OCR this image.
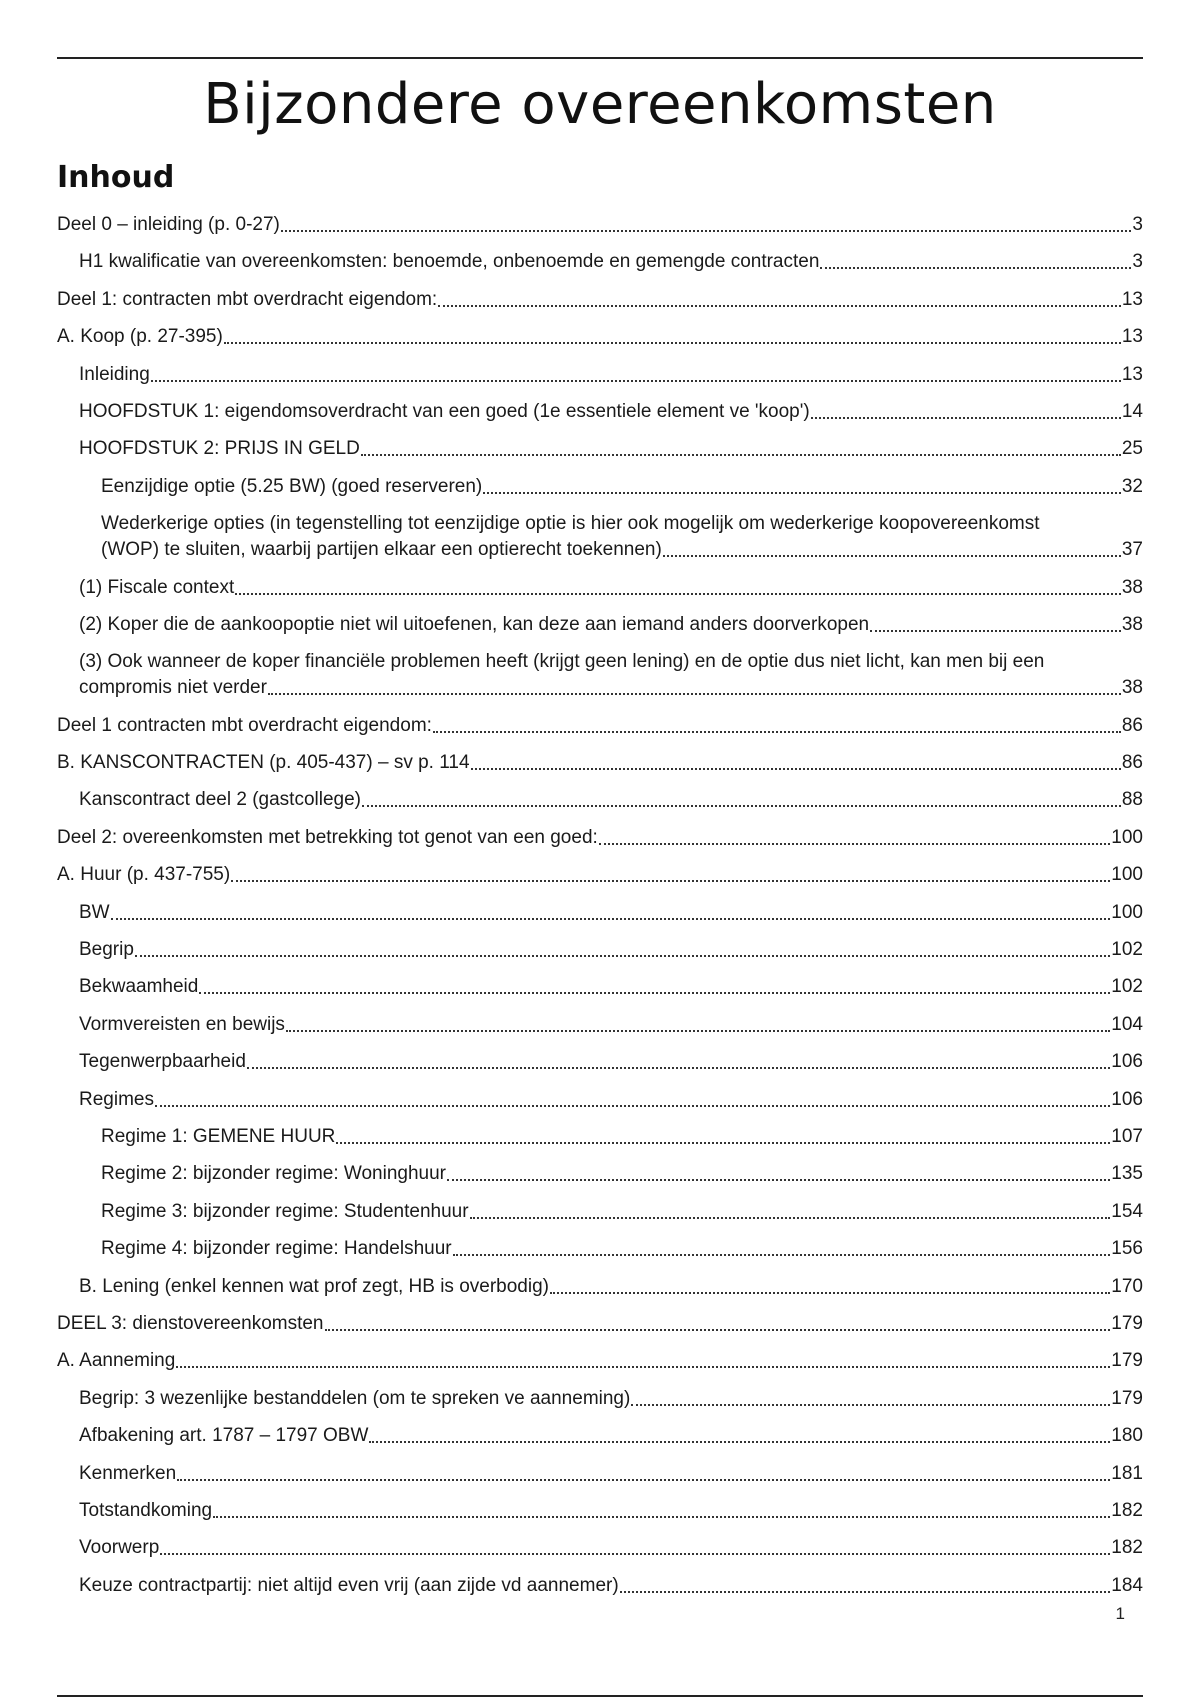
Bijzondere overeenkomsten
Inhoud
Deel 0 – inleiding (p. 0-27)	3
H1 kwalificatie van overeenkomsten: benoemde, onbenoemde en gemengde contracten	3
Deel 1: contracten mbt overdracht eigendom:	13
A. Koop (p. 27-395)	13
Inleiding	13
HOOFDSTUK 1: eigendomsoverdracht van een goed (1e essentiele element ve 'koop')	14
HOOFDSTUK 2: PRIJS IN GELD	25
Eenzijdige optie (5.25 BW) (goed reserveren)	32
Wederkerige opties (in tegenstelling tot eenzijdige optie is hier ook mogelijk om wederkerige koopovereenkomst
(WOP) te sluiten, waarbij partijen elkaar een optierecht toekennen)	37
(1) Fiscale context	38
(2) Koper die de aankoopoptie niet wil uitoefenen, kan deze aan iemand anders doorverkopen	38
(3) Ook wanneer de koper financiële problemen heeft (krijgt geen lening) en de optie dus niet licht, kan men bij een
compromis niet verder	38
Deel 1 contracten mbt overdracht eigendom:	86
B. KANSCONTRACTEN (p. 405-437) – sv p. 114	86
Kanscontract deel 2 (gastcollege)	88
Deel 2: overeenkomsten met betrekking tot genot van een goed:	100
A. Huur (p. 437-755)	100
BW	100
Begrip	102
Bekwaamheid	102
Vormvereisten en bewijs	104
Tegenwerpbaarheid	106
Regimes	106
Regime 1: GEMENE HUUR	107
Regime 2: bijzonder regime: Woninghuur	135
Regime 3: bijzonder regime: Studentenhuur	154
Regime 4: bijzonder regime: Handelshuur	156
B. Lening (enkel kennen wat prof zegt, HB is overbodig)	170
DEEL 3: dienstovereenkomsten	179
A. Aanneming	179
Begrip: 3 wezenlijke bestanddelen (om te spreken ve aanneming)	179
Afbakening art. 1787 – 1797 OBW	180
Kenmerken	181
Totstandkoming	182
Voorwerp	182
Keuze contractpartij: niet altijd even vrij (aan zijde vd aannemer)	184
1
